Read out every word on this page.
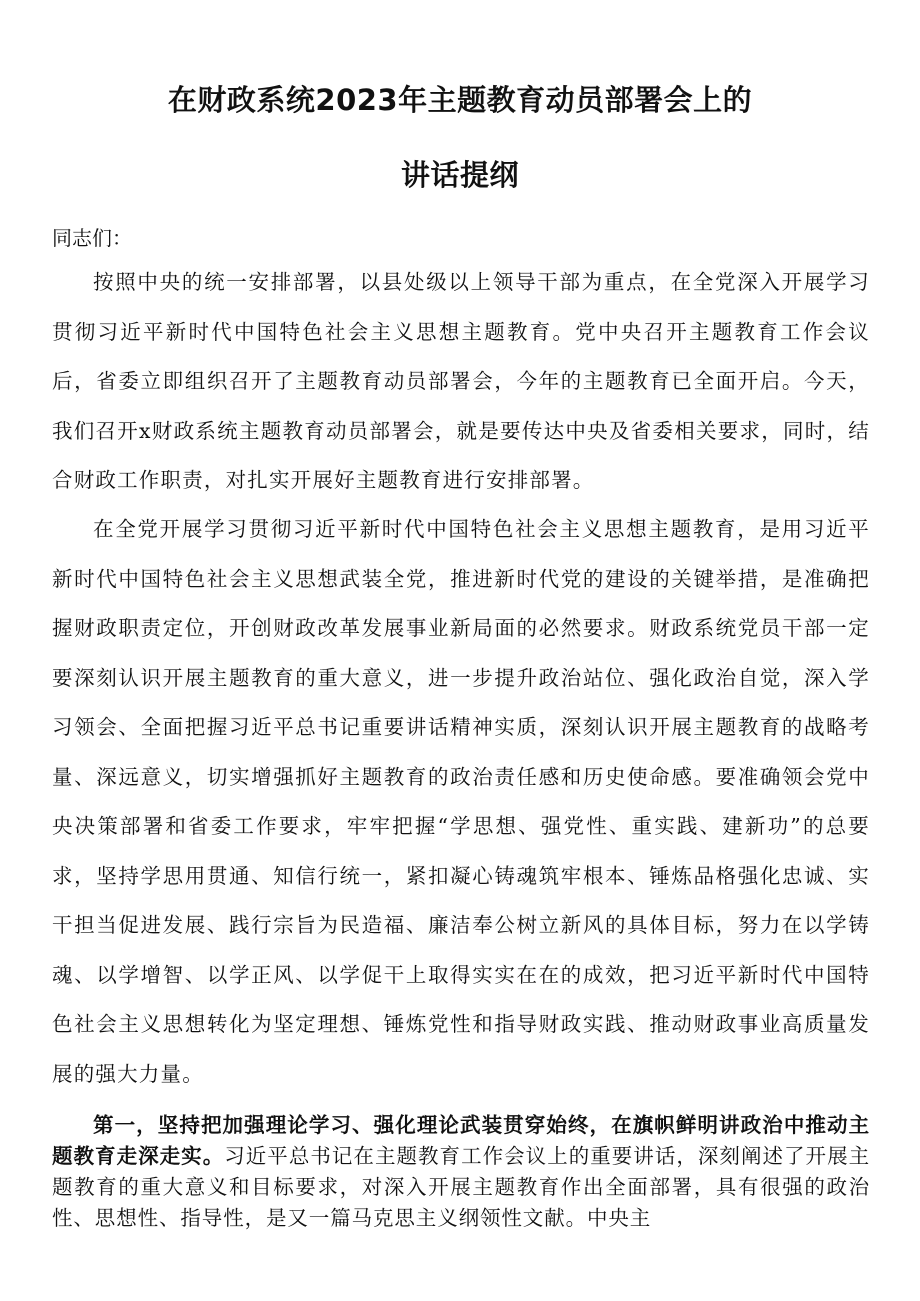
在财政系统2023年主题教育动员部署会上的
讲话提纲
同志们：

按照中央的统一安排部署，以县处级以上领导干部为重点，在全党深入开展学习贯彻习近平新时代中国特色社会主义思想主题教育。党中央召开主题教育工作会议后，省委立即组织召开了主题教育动员部署会，今年的主题教育已全面开启。今天，我们召开x财政系统主题教育动员部署会，就是要传达中央及省委相关要求，同时，结合财政工作职责，对扎实开展好主题教育进行安排部署。

在全党开展学习贯彻习近平新时代中国特色社会主义思想主题教育，是用习近平新时代中国特色社会主义思想武装全党，推进新时代党的建设的关键举措，是准确把握财政职责定位，开创财政改革发展事业新局面的必然要求。财政系统党员干部一定要深刻认识开展主题教育的重大意义，进一步提升政治站位、强化政治自觉，深入学习领会、全面把握习近平总书记重要讲话精神实质，深刻认识开展主题教育的战略考量、深远意义，切实增强抓好主题教育的政治责任感和历史使命感。要准确领会党中央决策部署和省委工作要求，牢牢把握“学思想、强党性、重实践、建新功”的总要求，坚持学思用贯通、知信行统一，紧扣凝心铸魂筑牢根本、锤炼品格强化忠诚、实干担当促进发展、践行宗旨为民造福、廉洁奉公树立新风的具体目标，努力在以学铸魂、以学增智、以学正风、以学促干上取得实实在在的成效，把习近平新时代中国特色社会主义思想转化为坚定理想、锤炼党性和指导财政实践、推动财政事业高质量发展的强大力量。

第一，坚持把加强理论学习、强化理论武装贯穿始终，在旗帜鲜明讲政治中推动主题教育走深走实。习近平总书记在主题教育工作会议上的重要讲话，深刻阐述了开展主题教育的重大意义和目标要求，对深入开展主题教育作出全面部署，具有很强的政治性、思想性、指导性，是又一篇马克思主义纲领性文献。中央主
